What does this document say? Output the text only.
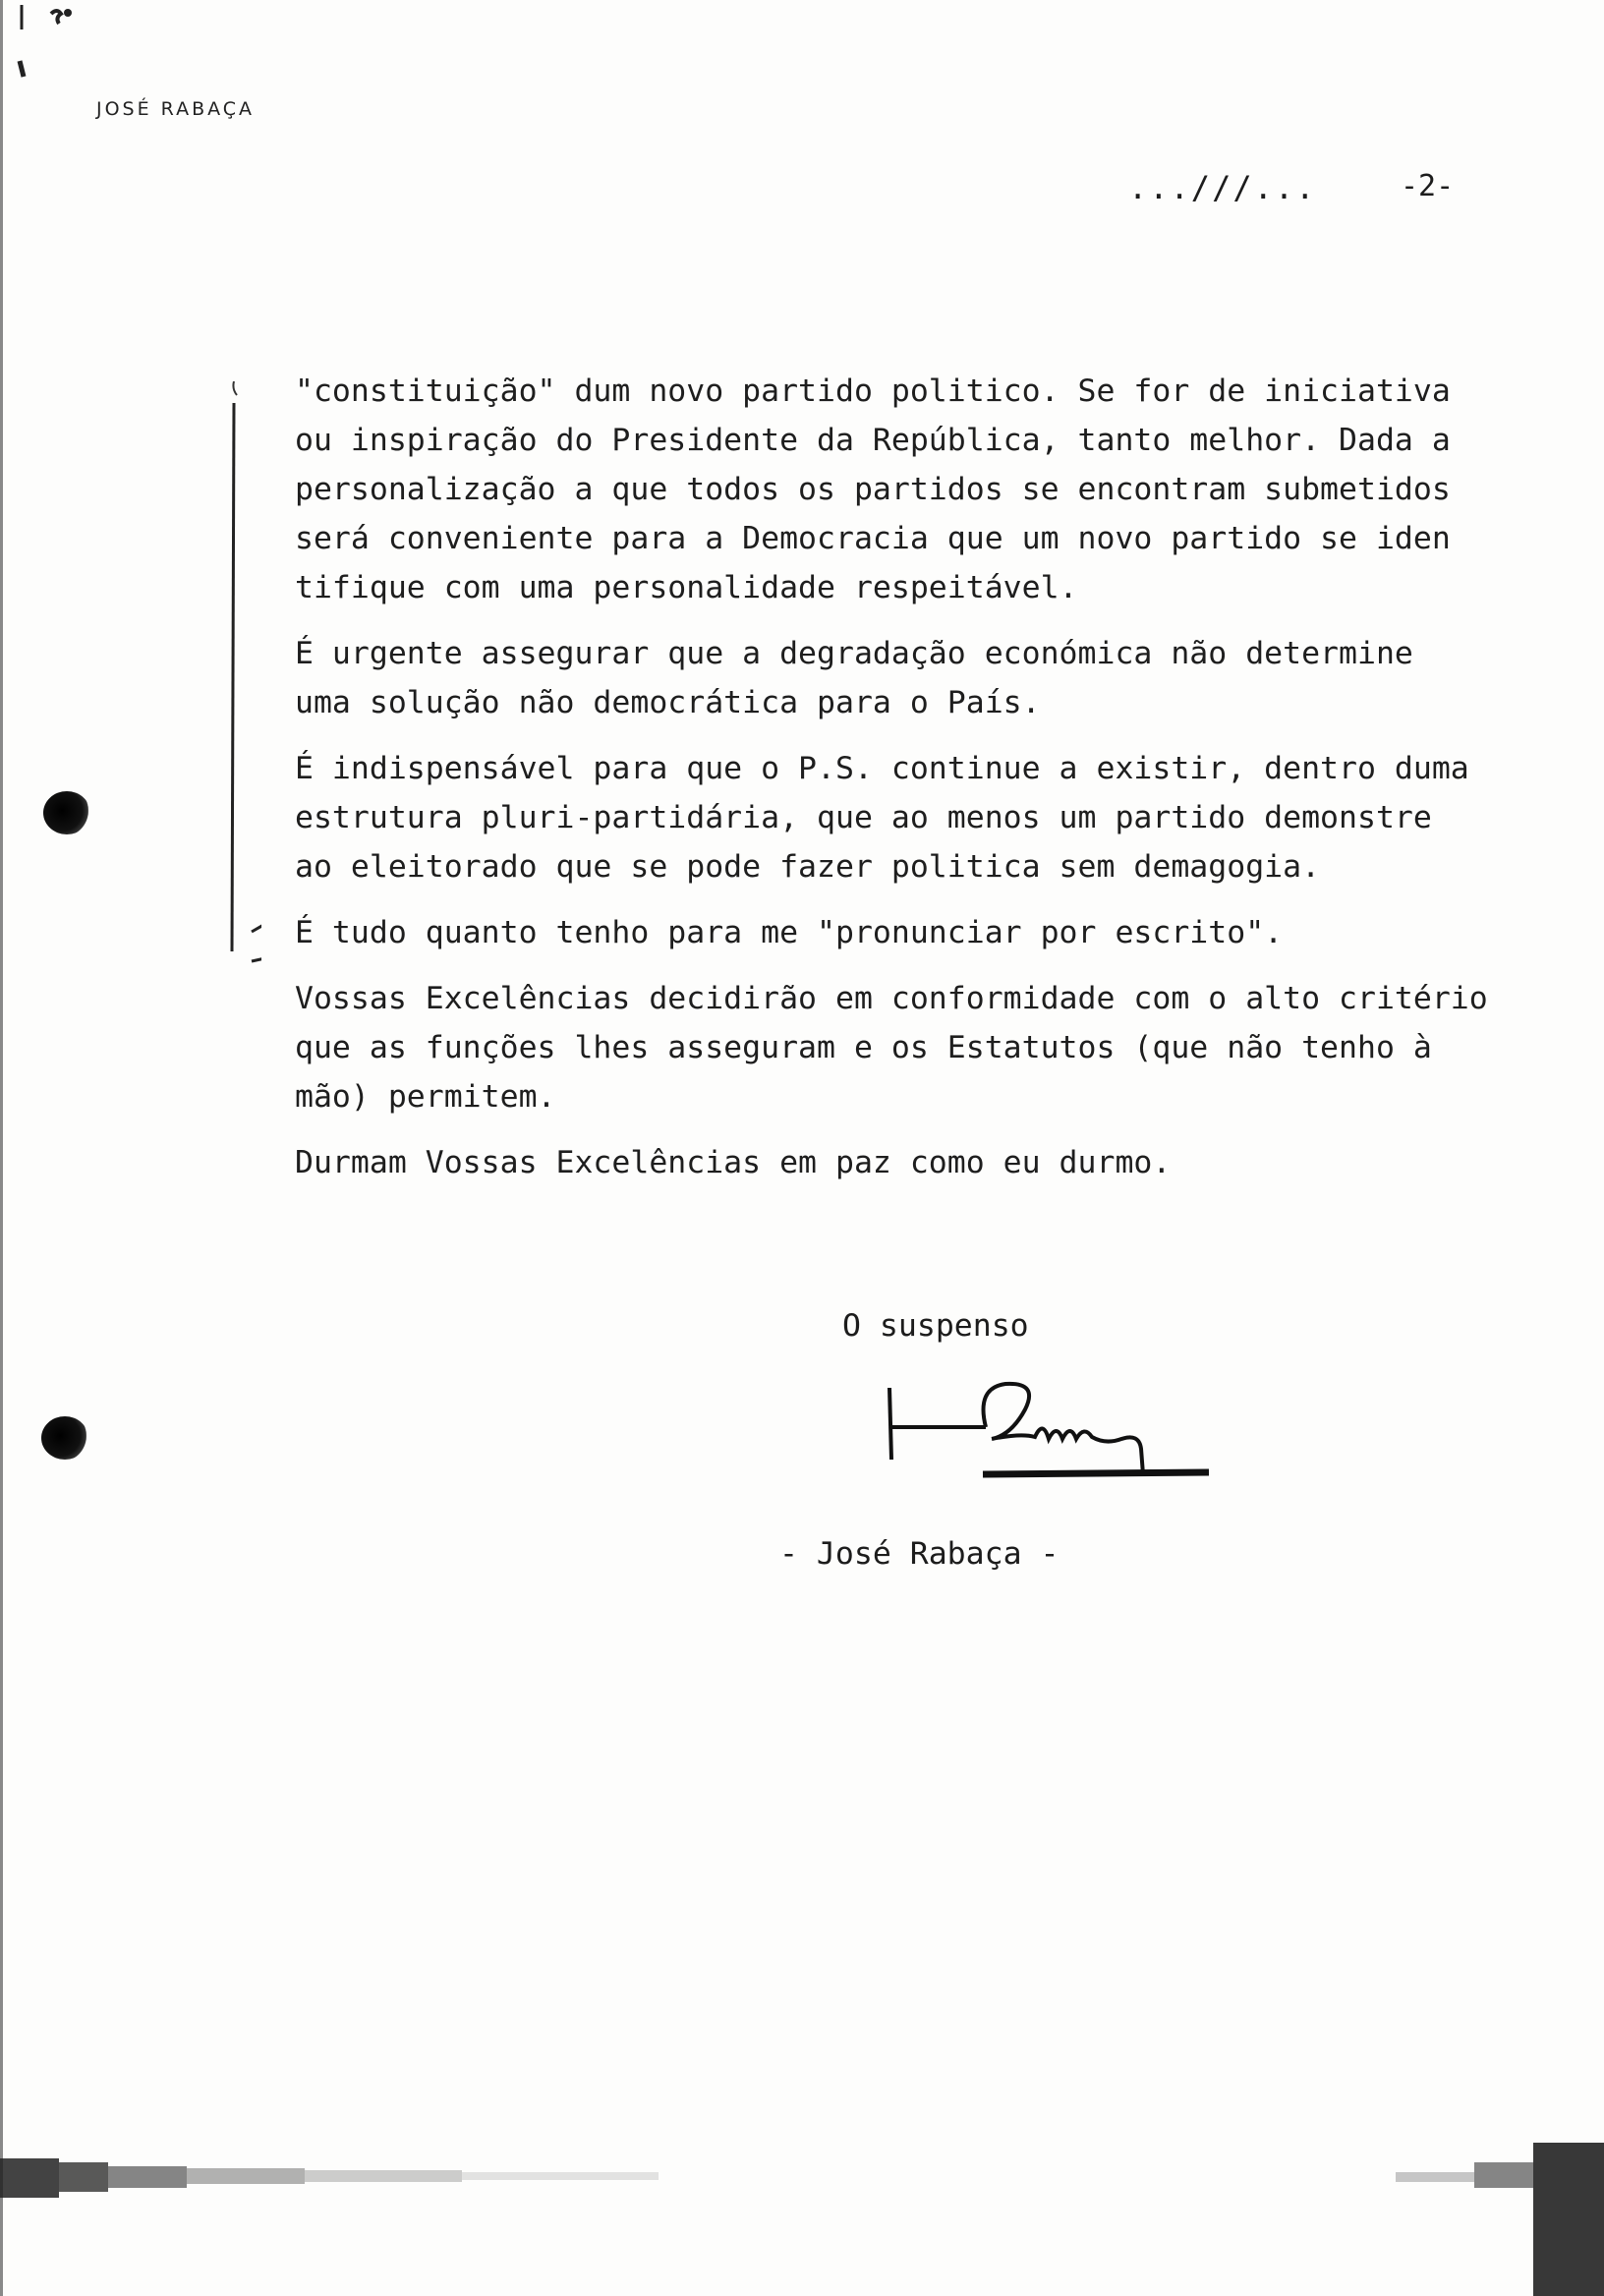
JOSÉ RABAÇA
...///...	-2-
"constituição" dum novo partido politico. Se for de iniciativa
ou inspiração do Presidente da República, tanto melhor. Dada a
personalização a que todos os partidos se encontram submetidos
será conveniente para a Democracia que um novo partido se iden
tifique com uma personalidade respeitável.
É urgente assegurar que a degradação económica não determine
uma solução não democrática para o País.
É indispensável para que o P.S. continue a existir, dentro duma
estrutura pluri-partidária, que ao menos um partido demonstre
ao eleitorado que se pode fazer politica sem demagogia.
É tudo quanto tenho para me "pronunciar por escrito".
Vossas Excelências decidirão em conformidade com o alto critério
que as funções lhes asseguram e os Estatutos (que não tenho à
mão) permitem.
Durmam Vossas Excelências em paz como eu durmo.
O suspenso
- José Rabaça -
